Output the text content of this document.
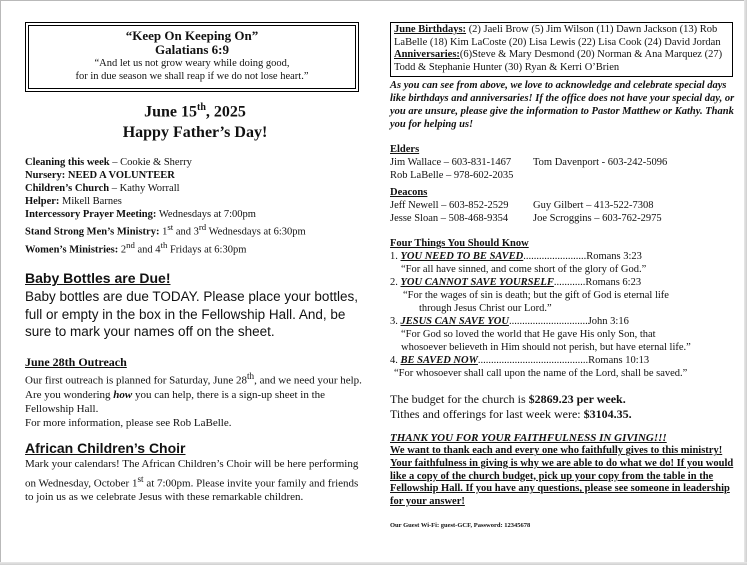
“Keep On Keeping On”
Galatians 6:9
“And let us not grow weary while doing good,
for in due season we shall reap if we do not lose heart.”
June 15th, 2025
Happy Father’s Day!
Cleaning this week – Cookie & Sherry
Nursery: NEED A VOLUNTEER
Children’s Church – Kathy Worrall
Helper: Mikell Barnes
Intercessory Prayer Meeting: Wednesdays at 7:00pm
Stand Strong Men’s Ministry: 1st and 3rd Wednesdays at 6:30pm
Women’s Ministries: 2nd and 4th Fridays at 6:30pm
Baby Bottles are Due!
Baby bottles are due TODAY. Please place your bottles, full or empty in the box in the Fellowship Hall. And, be sure to mark your names off on the sheet.
June 28th Outreach
Our first outreach is planned for Saturday, June 28th, and we need your help. Are you wondering how you can help, there is a sign-up sheet in the Fellowship Hall.
For more information, please see Rob LaBelle.
African Children’s Choir
Mark your calendars! The African Children’s Choir will be here performing on Wednesday, October 1st at 7:00pm. Please invite your family and friends to join us as we celebrate Jesus with these remarkable children.
June Birthdays: (2) Jaeli Brow (5) Jim Wilson (11) Dawn Jackson (13) Rob LaBelle (18) Kim LaCoste (20) Lisa Lewis (22) Lisa Cook (24) David Jordan
Anniversaries:(6)Steve & Mary Desmond (20) Norman & Ana Marquez (27) Todd & Stephanie Hunter (30) Ryan & Kerri O’Brien
As you can see from above, we love to acknowledge and celebrate special days like birthdays and anniversaries! If the office does not have your special day, or you are unsure, please give the information to Pastor Matthew or Kathy. Thank you for helping us!
Elders
Jim Wallace – 603-831-1467	Tom Davenport - 603-242-5096
Rob LaBelle – 978-602-2035
Deacons
Jeff Newell – 603-852-2529	Guy Gilbert – 413-522-7308
Jesse Sloan – 508-468-9354	Joe Scroggins – 603-762-2975
Four Things You Should Know
1. YOU NEED TO BE SAVED........................Romans 3:23
“For all have sinned, and come short of the glory of God.”
2. YOU CANNOT SAVE YOURSELF............Romans 6:23
“For the wages of sin is death; but the gift of God is eternal life
through Jesus Christ our Lord.”
3. JESUS CAN SAVE YOU..............................John 3:16
“For God so loved the world that He gave His only Son, that
whosoever believeth in Him should not perish, but have eternal life.”
4. BE SAVED NOW..........................................Romans 10:13
“For whosoever shall call upon the name of the Lord, shall be saved.”
The budget for the church is $2869.23 per week.
Tithes and offerings for last week were: $3104.35.
THANK YOU FOR YOUR FAITHFULNESS IN GIVING!!!
We want to thank each and every one who faithfully gives to this ministry! Your faithfulness in giving is why we are able to do what we do! If you would like a copy of the church budget, pick up your copy from the table in the Fellowship Hall. If you have any questions, please see someone in leadership for your answer!
Our Guest Wi-Fi: guest-GCF, Password: 12345678
